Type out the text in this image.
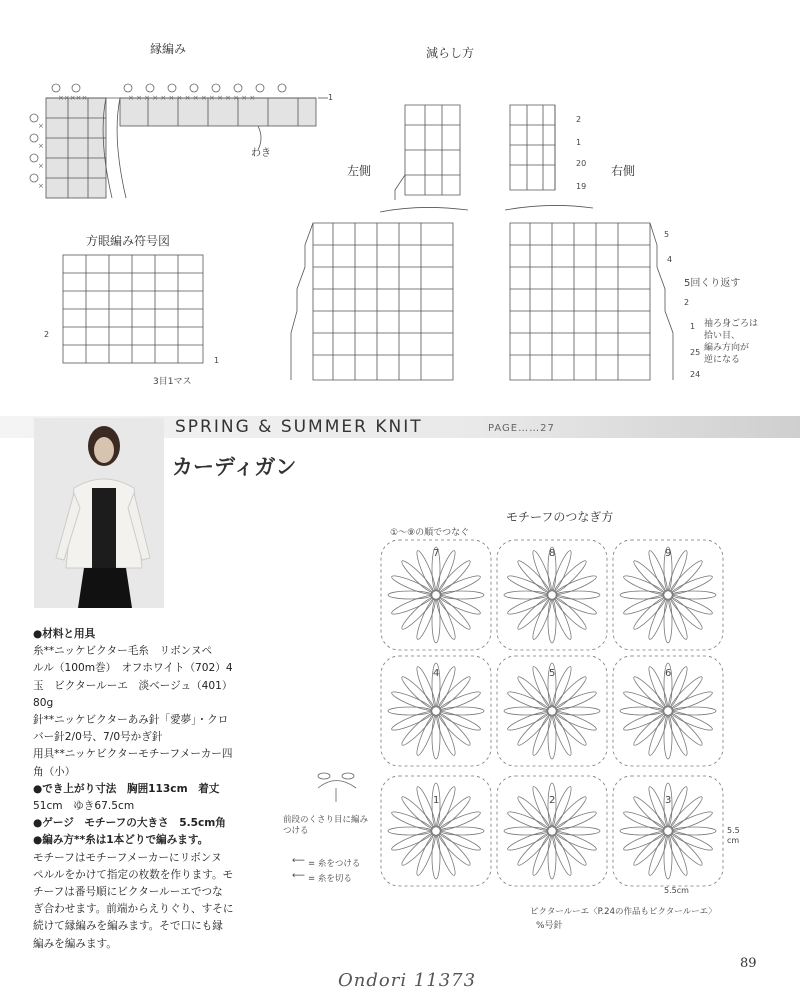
縁編み	減らし方
×××××	× × × × × × × × × × × × × × × ×
×
×
×
×
1
わき
左側
2
1
20
19
右側
方眼編み符号図
2
1
3目1マス
5
4
2
1
25
24
5回くり返す
袖ろ身ごろは
拾い目、
編み方向が
逆になる
SPRING & SUMMER KNIT	PAGE……27
カーディガン

●材料と用具

糸**ニッケビクター毛糸　リボンヌペ

ルル（100m巻）　オフホワイト（702）4

玉　ビクタールーエ　淡ベージュ（401）

80g

針**ニッケビクターあみ針「愛夢」・クロ

バー針2/0号、7/0号かぎ針

用具**ニッケビクターモチーフメーカー四

角（小）

●でき上がり寸法　胸囲113cm　着丈

51cm　ゆき67.5cm

●ゲージ　モチーフの大きさ　5.5cm角

●編み方**糸は1本どりで編みます。

モチーフはモチーフメーカーにリボンヌ

ペルルをかけて指定の枚数を作ります。モ

チーフは番号順にビクタールーエでつな

ぎ合わせます。前端からえりぐり、すそに

続けて縁編みを編みます。そで口にも縁

編みを編みます。

前段のくさり目に編み
つける
⟵ = 糸をつける
⟵ = 糸を切る
モチーフのつなぎ方
①〜⑨の順でつなぐ
7	8	9
4	5	6
1	2	3
5.5
cm
5.5cm
ピクタールーエ〈P.24の作品もピクタールーエ〉
%号針
89
Ondori 11373
